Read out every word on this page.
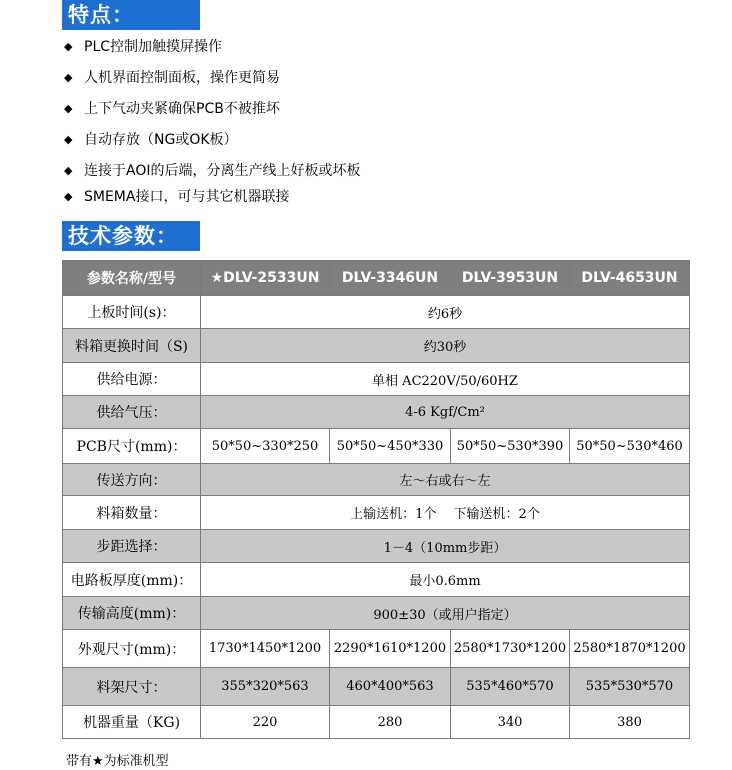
特点：
◆ PLC控制加触摸屏操作
◆ 人机界面控制面板，操作更简易
◆ 上下气动夹紧确保PCB不被推坏
◆ 自动存放（NG或OK板）
◆ 连接于AOI的后端，分离生产线上好板或坏板
◆ SMEMA接口，可与其它机器联接
技术参数：
参数名称/型号	★DLV-2533UN	DLV-3346UN	DLV-3953UN	DLV-4653UN
上板时间(s)：	约6秒			
料箱更换时间（S)	约30秒			
供给电源：	单相 AC220V/50/60HZ			
供给气压：	4-6 Kgf/Cm²			
PCB尺寸(mm)：	50*50~330*250	50*50~450*330	50*50~530*390	50*50~530*460
传送方向：	左～右或右～左			
料箱数量：	上输送机：1个　 下输送机：2个			
步距选择：	1－4（10mm步距）			
电路板厚度(mm)：	最小0.6mm			
传输高度(mm)：	900±30（或用户指定）			
外观尺寸(mm)：	1730*1450*1200	2290*1610*1200	2580*1730*1200	2580*1870*1200
料架尺寸：	355*320*563	460*400*563	535*460*570	535*530*570
机器重量（KG)	220	280	340	380
带有★为标准机型
